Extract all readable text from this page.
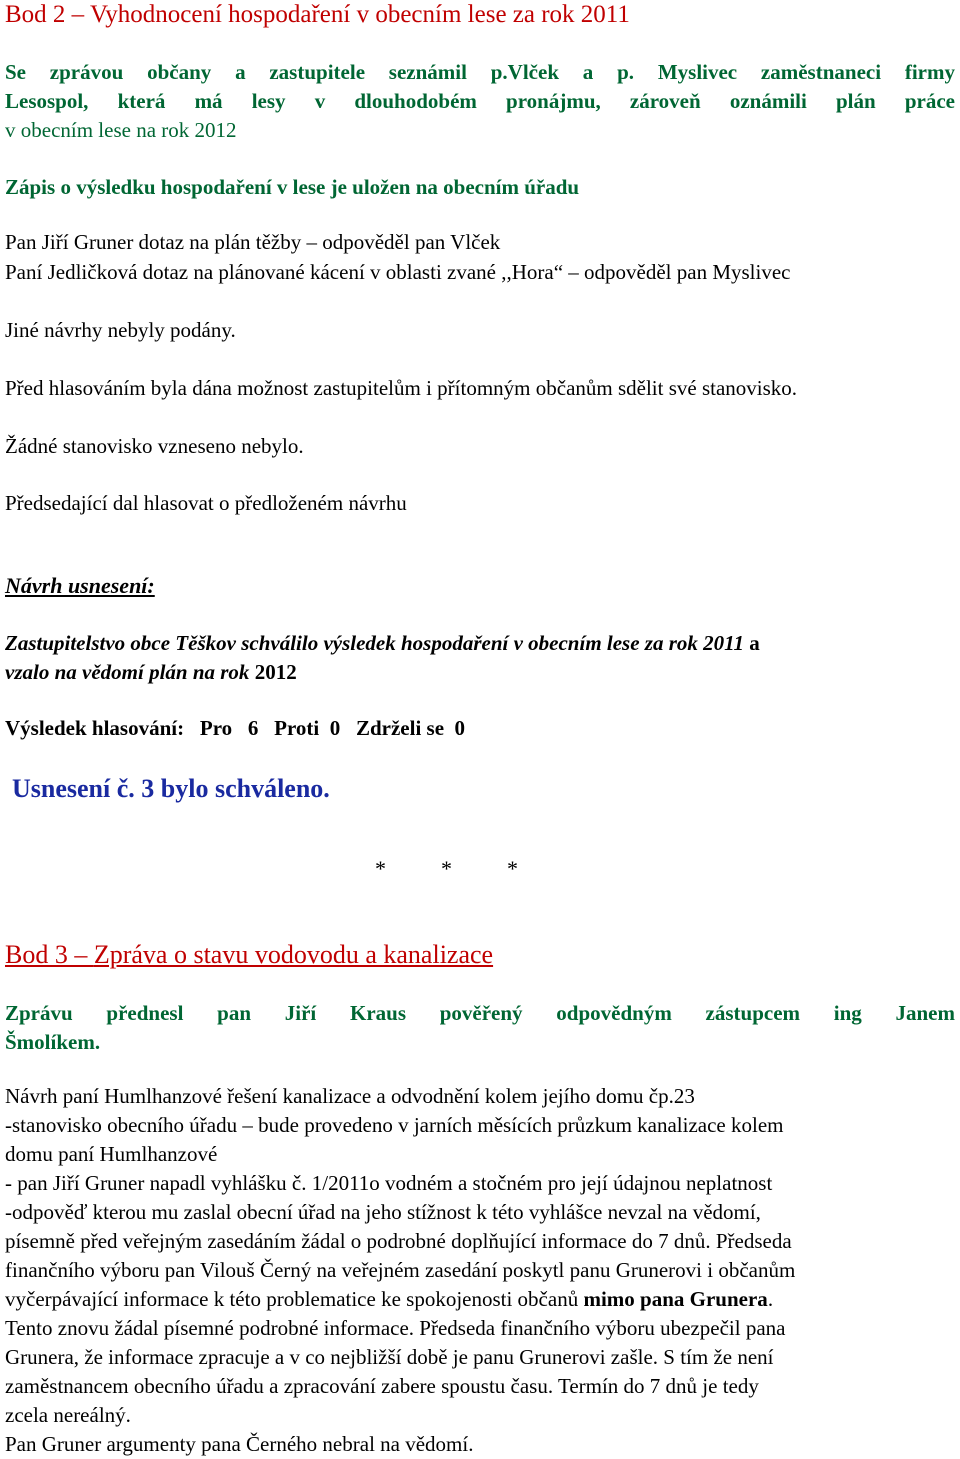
Bod 2 – Vyhodnocení hospodaření v obecním lese za rok 2011
Se zprávou občany a zastupitele seznámil p.Vlček a p. Myslivec zaměstnaneci firmy
Lesospol, která má lesy v dlouhodobém pronájmu, zároveň oznámili plán práce
v obecním lese na rok 2012
Zápis o výsledku hospodaření v lese je uložen na obecním úřadu
Pan Jiří Gruner dotaz na plán těžby – odpověděl pan Vlček
Paní Jedličková dotaz na plánované kácení v oblasti zvané ,,Hora“ – odpověděl pan Myslivec
Jiné návrhy nebyly podány.
Před hlasováním byla dána možnost zastupitelům i přítomným občanům sdělit své stanovisko.
Žádné stanovisko vzneseno nebylo.
Předsedající dal hlasovat o předloženém návrhu
Návrh usnesení:
Zastupitelstvo obce Těškov schválilo výsledek hospodaření v obecním lese za rok 2011 a
vzalo na vědomí plán na rok 2012
Výsledek hlasování:   Pro   6   Proti  0   Zdrželi se  0
Usnesení č. 3 bylo schváleno.
*          *          *
Bod 3 – Zpráva o stavu vodovodu a kanalizace
Zprávu přednesl pan Jiří Kraus pověřený odpovědným zástupcem ing Janem
Šmolíkem.
Návrh paní Humlhanzové řešení kanalizace a odvodnění kolem jejího domu čp.23
-stanovisko obecního úřadu – bude provedeno v jarních měsících průzkum kanalizace kolem
domu paní Humlhanzové
- pan Jiří Gruner napadl vyhlášku č. 1/2011o vodném a stočném pro její údajnou neplatnost
-odpověď kterou mu zaslal obecní úřad na jeho stížnost k této vyhlášce nevzal na vědomí,
písemně před veřejným zasedáním žádal o podrobné doplňující informace do 7 dnů. Předseda
finančního výboru pan Vilouš Černý na veřejném zasedání poskytl panu Grunerovi i občanům
vyčerpávající informace k této problematice ke spokojenosti občanů mimo pana Grunera.
Tento znovu žádal písemné podrobné informace. Předseda finančního výboru ubezpečil pana
Grunera, že informace zpracuje a v co nejbližší době je panu Grunerovi zašle. S tím že není
zaměstnancem obecního úřadu a zpracování zabere spoustu času. Termín do 7 dnů je tedy
zcela nereálný.
Pan Gruner argumenty pana Černého nebral na vědomí.
